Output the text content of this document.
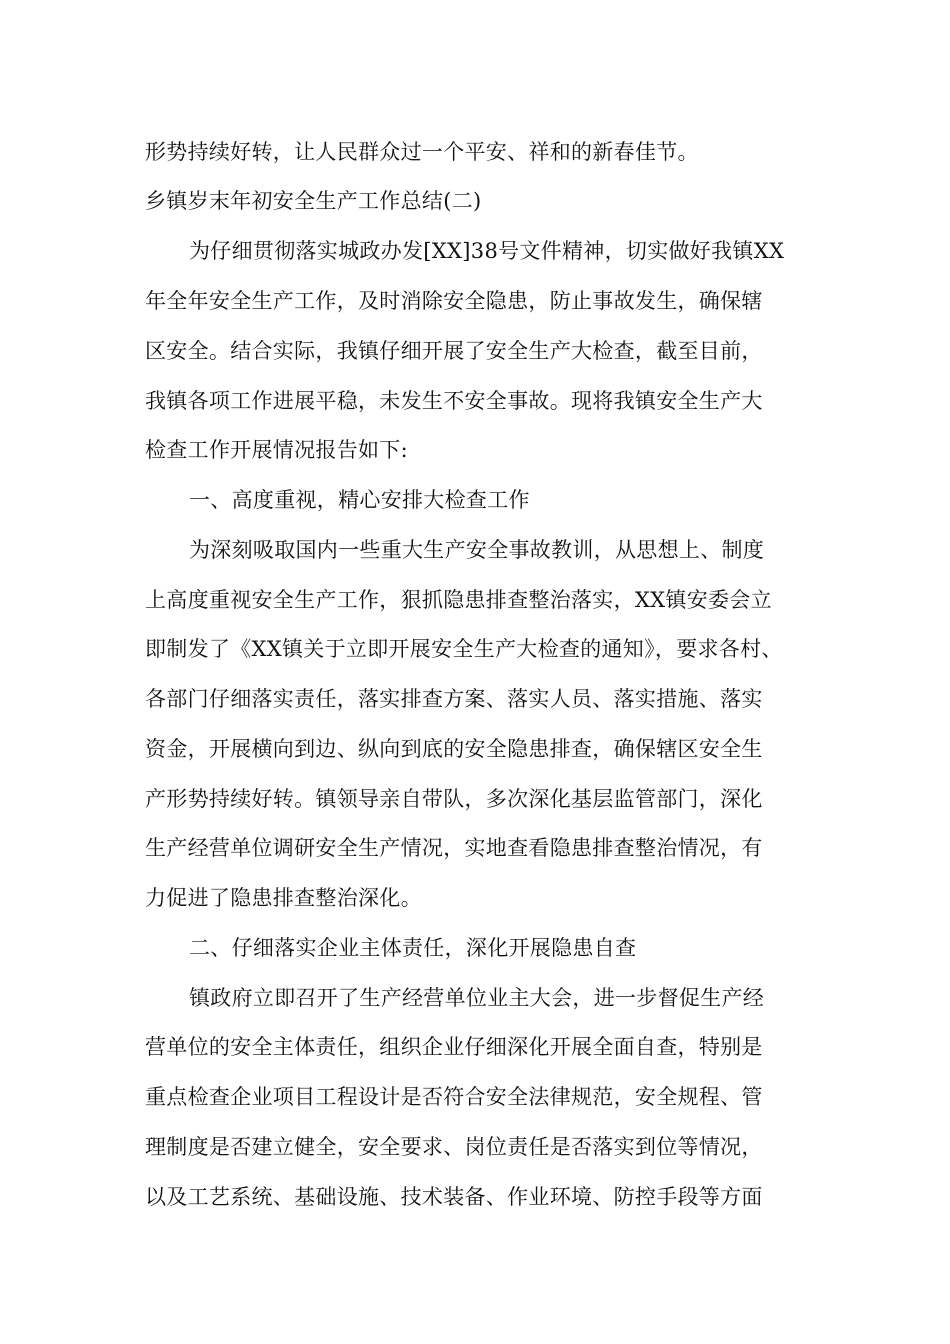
形势持续好转，让人民群众过一个平安、祥和的新春佳节。
乡镇岁末年初安全生产工作总结(二)
为仔细贯彻落实城政办发[XX]38号文件精神，切实做好我镇XX
年全年安全生产工作，及时消除安全隐患，防止事故发生，确保辖
区安全。结合实际，我镇仔细开展了安全生产大检查，截至目前，
我镇各项工作进展平稳，未发生不安全事故。现将我镇安全生产大
检查工作开展情况报告如下:
一、高度重视，精心安排大检查工作
为深刻吸取国内一些重大生产安全事故教训，从思想上、制度
上高度重视安全生产工作，狠抓隐患排查整治落实，XX镇安委会立
即制发了《XX镇关于立即开展安全生产大检查的通知》，要求各村、
各部门仔细落实责任，落实排查方案、落实人员、落实措施、落实
资金，开展横向到边、纵向到底的安全隐患排查，确保辖区安全生
产形势持续好转。镇领导亲自带队，多次深化基层监管部门，深化
生产经营单位调研安全生产情况，实地查看隐患排查整治情况，有
力促进了隐患排查整治深化。
二、仔细落实企业主体责任，深化开展隐患自查
镇政府立即召开了生产经营单位业主大会，进一步督促生产经
营单位的安全主体责任，组织企业仔细深化开展全面自查，特别是
重点检查企业项目工程设计是否符合安全法律规范，安全规程、管
理制度是否建立健全，安全要求、岗位责任是否落实到位等情况，
以及工艺系统、基础设施、技术装备、作业环境、防控手段等方面
